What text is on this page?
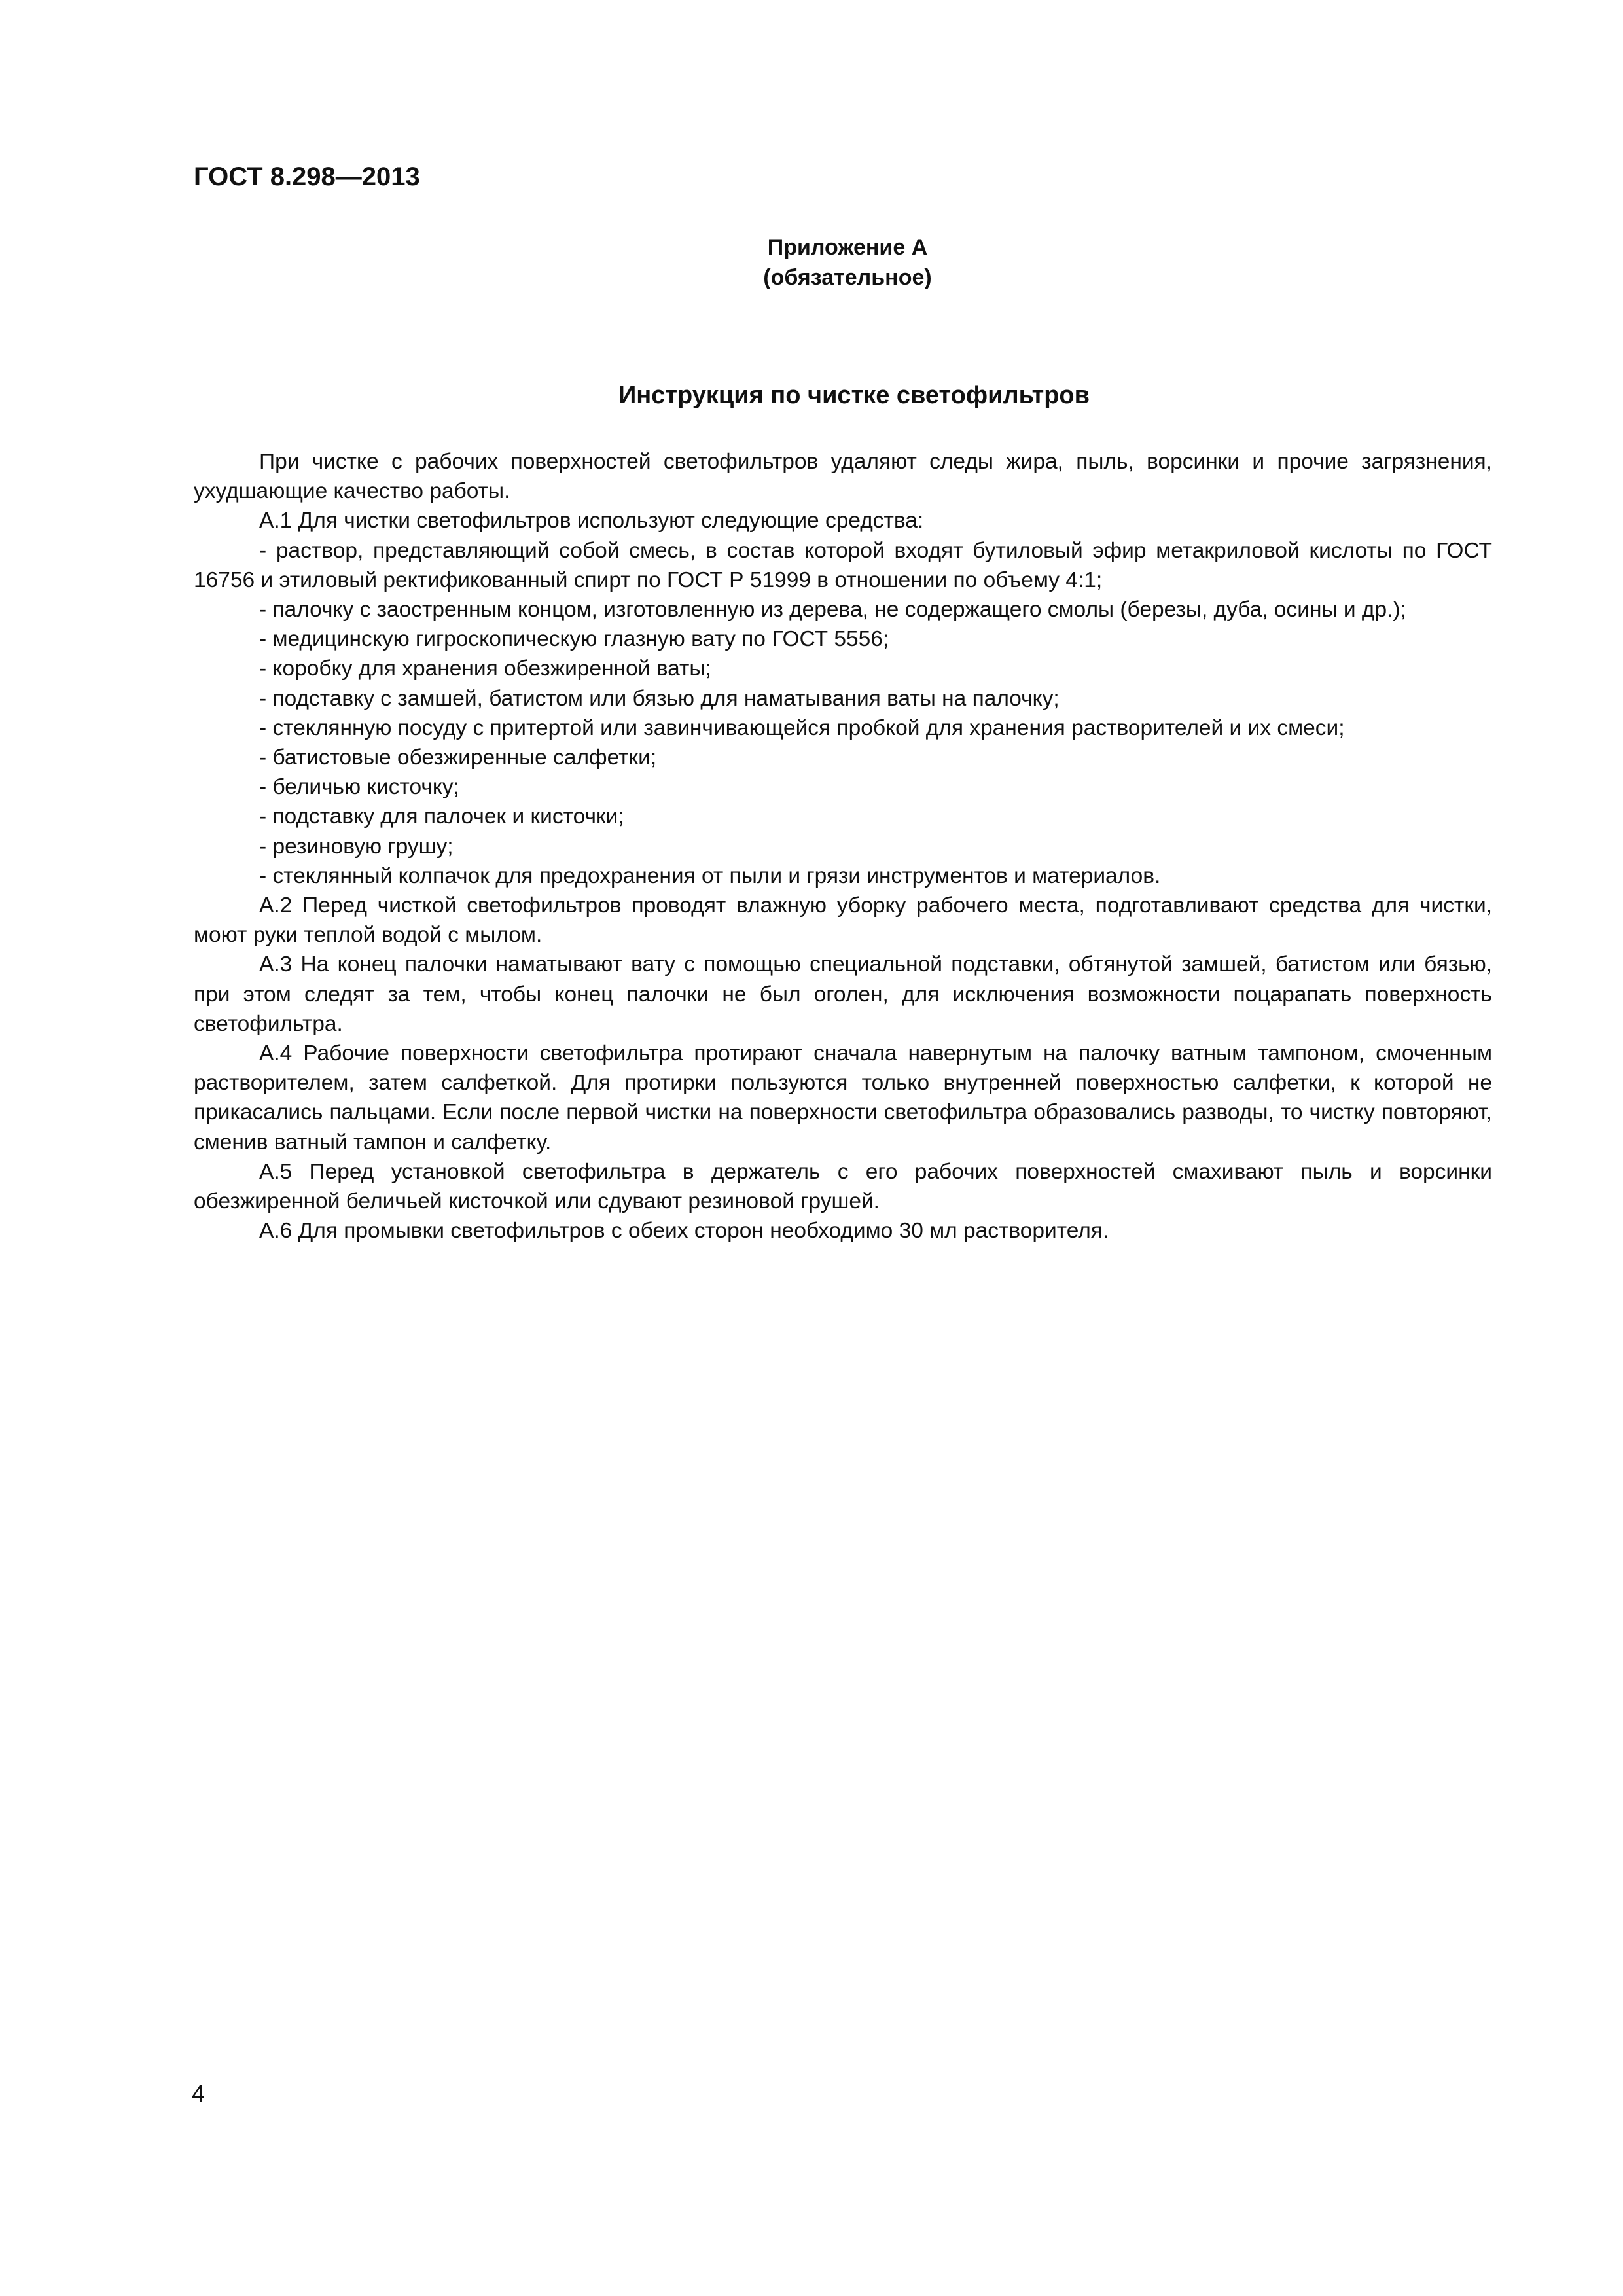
ГОСТ 8.298—2013
Приложение А
(обязательное)
Инструкция по чистке светофильтров

При чистке с рабочих поверхностей светофильтров удаляют следы жира, пыль, ворсинки и прочие загрязнения, ухудшающие качество работы.

А.1 Для чистки светофильтров используют следующие средства:

- раствор, представляющий собой смесь, в состав которой входят бутиловый эфир метакриловой кислоты по ГОСТ 16756 и этиловый ректификованный спирт по ГОСТ Р 51999 в отношении по объему 4:1;

- палочку с заостренным концом, изготовленную из дерева, не содержащего смолы (березы, дуба, осины и др.);

- медицинскую гигроскопическую глазную вату по ГОСТ 5556;

- коробку для хранения обезжиренной ваты;

- подставку с замшей, батистом или бязью для наматывания ваты на палочку;

- стеклянную посуду с притертой или завинчивающейся пробкой для хранения растворителей и их смеси;

- батистовые обезжиренные салфетки;

- беличью кисточку;

- подставку для палочек и кисточки;

- резиновую грушу;

- стеклянный колпачок для предохранения от пыли и грязи инструментов и материалов.

А.2 Перед чисткой светофильтров проводят влажную уборку рабочего места, подготавливают средства для чистки, моют руки теплой водой с мылом.

А.3 На конец палочки наматывают вату с помощью специальной подставки, обтянутой замшей, батистом или бязью, при этом следят за тем, чтобы конец палочки не был оголен, для исключения возможности поцарапать поверхность светофильтра.

А.4 Рабочие поверхности светофильтра протирают сначала навернутым на палочку ватным тампоном, смоченным растворителем, затем салфеткой. Для протирки пользуются только внутренней поверхностью салфетки, к которой не прикасались пальцами. Если после первой чистки на поверхности светофильтра образовались разводы, то чистку повторяют, сменив ватный тампон и салфетку.

А.5 Перед установкой светофильтра в держатель с его рабочих поверхностей смахивают пыль и ворсинки обезжиренной беличьей кисточкой или сдувают резиновой грушей.

А.6 Для промывки светофильтров с обеих сторон необходимо 30 мл растворителя.

4
